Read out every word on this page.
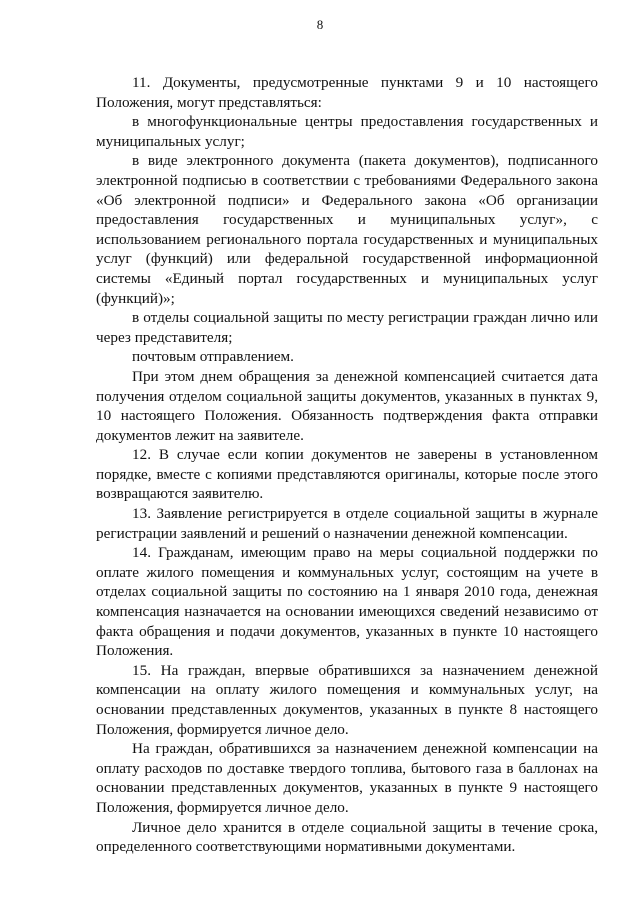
8

11. Документы, предусмотренные пунктами 9 и 10 настоящего Положения, могут представляться:

в многофункциональные центры предоставления государственных и муниципальных услуг;

в виде электронного документа (пакета документов), подписанного электронной подписью в соответствии с требованиями Федерального закона «Об электронной подписи» и Федерального закона «Об организации предоставления государственных и муниципальных услуг», с использованием регионального портала государственных и муниципальных услуг (функций) или федеральной государственной информационной системы «Единый портал государственных и муниципальных услуг (функций)»;

в отделы социальной защиты по месту регистрации граждан лично или через представителя;

почтовым отправлением.

При этом днем обращения за денежной компенсацией считается дата получения отделом социальной защиты документов, указанных в пунктах 9, 10 настоящего Положения. Обязанность подтверждения факта отправки документов лежит на заявителе.

12. В случае если копии документов не заверены в установленном порядке, вместе с копиями представляются оригиналы, которые после этого возвращаются заявителю.

13. Заявление регистрируется в отделе социальной защиты в журнале регистрации заявлений и решений о назначении денежной компенсации.

14. Гражданам, имеющим право на меры социальной поддержки по оплате жилого помещения и коммунальных услуг, состоящим на учете в отделах социальной защиты по состоянию на 1 января 2010 года, денежная компенсация назначается на основании имеющихся сведений независимо от факта обращения и подачи документов, указанных в пункте 10 настоящего Положения.

15. На граждан, впервые обратившихся за назначением денежной компенсации на оплату жилого помещения и коммунальных услуг, на основании представленных документов, указанных в пункте 8 настоящего Положения, формируется личное дело.

На граждан, обратившихся за назначением денежной компенсации на оплату расходов по доставке твердого топлива, бытового газа в баллонах на основании представленных документов, указанных в пункте 9 настоящего Положения, формируется личное дело.

Личное дело хранится в отделе социальной защиты в течение срока, определенного соответствующими нормативными документами.
